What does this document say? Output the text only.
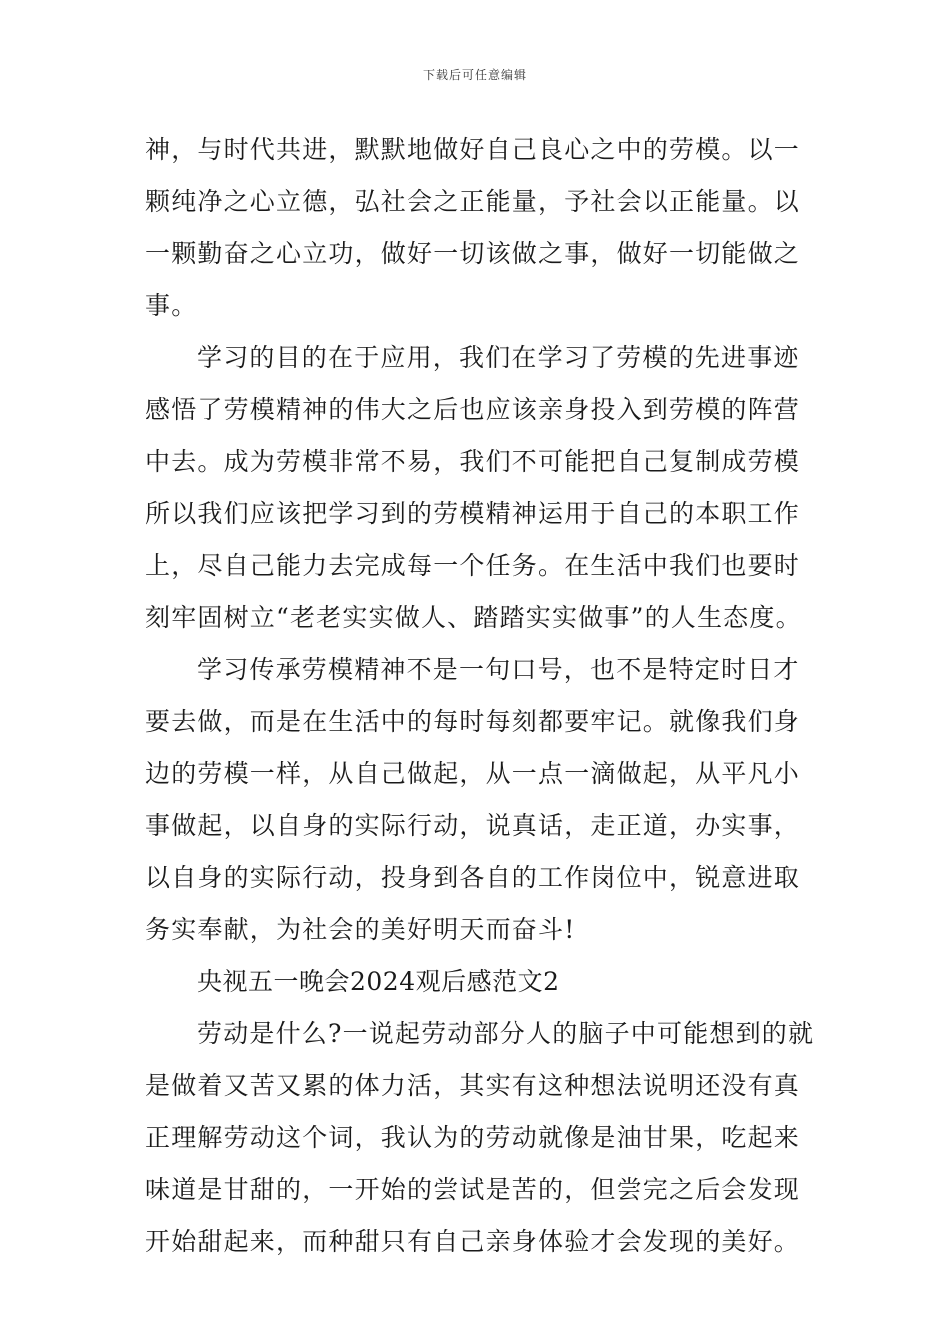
下载后可任意编辑
神，与时代共进，默默地做好自己良心之中的劳模。以一
颗纯净之心立德，弘社会之正能量，予社会以正能量。以
一颗勤奋之心立功，做好一切该做之事，做好一切能做之
事。
学习的目的在于应用，我们在学习了劳模的先进事迹
感悟了劳模精神的伟大之后也应该亲身投入到劳模的阵营
中去。成为劳模非常不易，我们不可能把自己复制成劳模
所以我们应该把学习到的劳模精神运用于自己的本职工作
上，尽自己能力去完成每一个任务。在生活中我们也要时
刻牢固树立“老老实实做人、踏踏实实做事”的人生态度。
学习传承劳模精神不是一句口号，也不是特定时日才
要去做，而是在生活中的每时每刻都要牢记。就像我们身
边的劳模一样，从自己做起，从一点一滴做起，从平凡小
事做起，以自身的实际行动，说真话，走正道，办实事，
以自身的实际行动，投身到各自的工作岗位中，锐意进取
务实奉献，为社会的美好明天而奋斗!
央视五一晚会2024观后感范文2
劳动是什么?一说起劳动部分人的脑子中可能想到的就
是做着又苦又累的体力活，其实有这种想法说明还没有真
正理解劳动这个词，我认为的劳动就像是油甘果，吃起来
味道是甘甜的，一开始的尝试是苦的，但尝完之后会发现
开始甜起来，而种甜只有自己亲身体验才会发现的美好。
